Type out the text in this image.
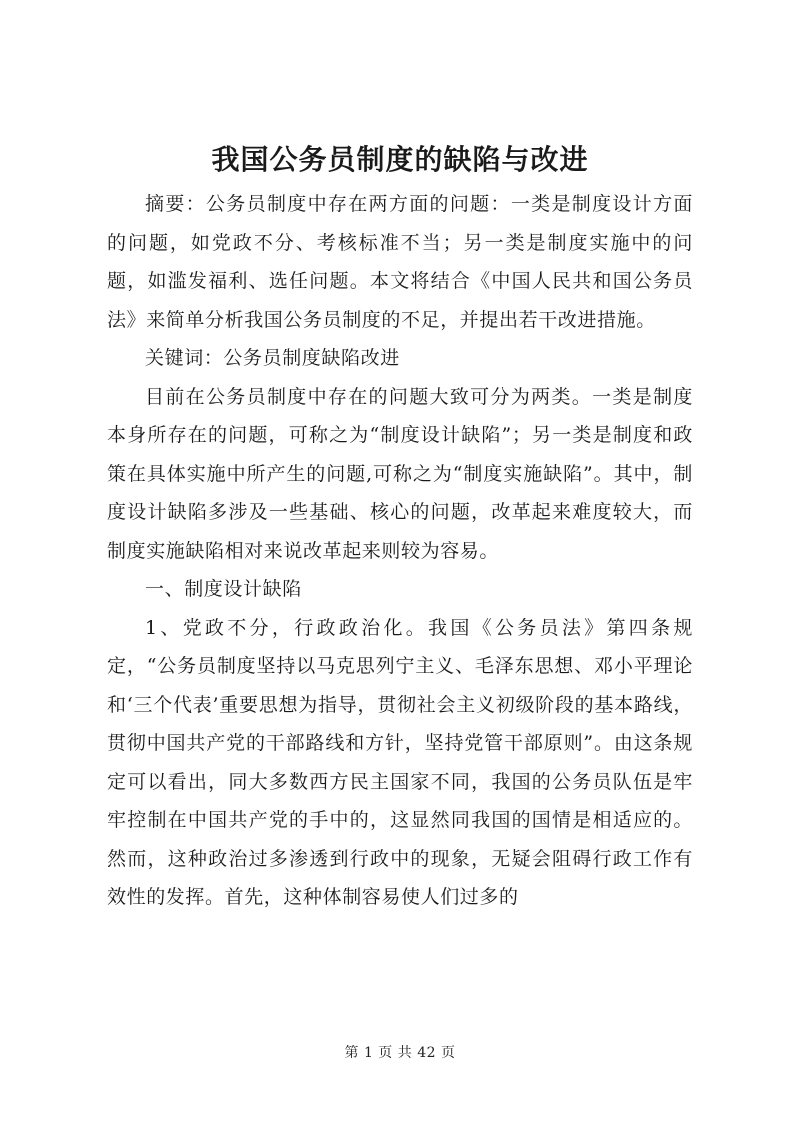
我国公务员制度的缺陷与改进

摘要：公务员制度中存在两方面的问题：一类是制度设计方面的问题，如党政不分、考核标准不当；另一类是制度实施中的问题，如滥发福利、选任问题。本文将结合《中国人民共和国公务员法》来简单分析我国公务员制度的不足，并提出若干改进措施。

关键词：公务员制度缺陷改进

目前在公务员制度中存在的问题大致可分为两类。一类是制度本身所存在的问题，可称之为“制度设计缺陷”；另一类是制度和政策在具体实施中所产生的问题,可称之为“制度实施缺陷”。其中，制度设计缺陷多涉及一些基础、核心的问题，改革起来难度较大，而制度实施缺陷相对来说改革起来则较为容易。

一、制度设计缺陷

1、党政不分，行政政治化。我国《公务员法》第四条规定，“公务员制度坚持以马克思列宁主义、毛泽东思想、邓小平理论和‘三个代表’重要思想为指导，贯彻社会主义初级阶段的基本路线，贯彻中国共产党的干部路线和方针，坚持党管干部原则”。由这条规定可以看出，同大多数西方民主国家不同，我国的公务员队伍是牢牢控制在中国共产党的手中的，这显然同我国的国情是相适应的。然而，这种政治过多渗透到行政中的现象，无疑会阻碍行政工作有效性的发挥。首先，这种体制容易使人们过多的

第 1 页 共 42 页
